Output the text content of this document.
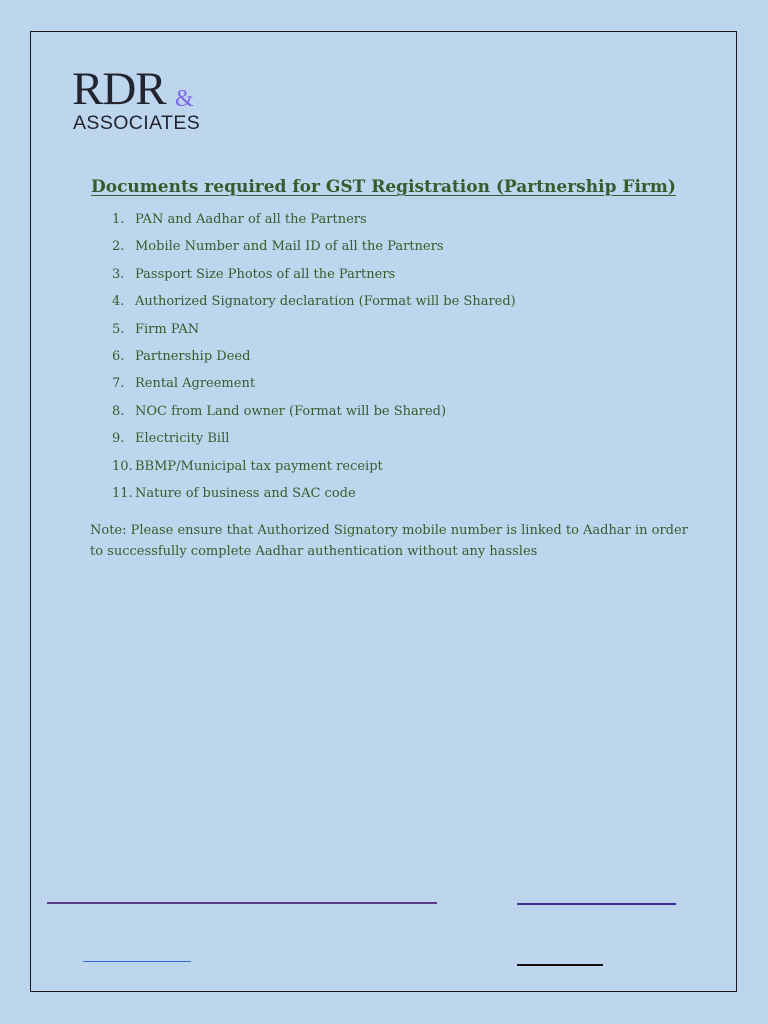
RDR &
ASSOCIATES
Documents required for GST Registration (Partnership Firm)
1. PAN and Aadhar of all the Partners
2. Mobile Number and Mail ID of all the Partners
3. Passport Size Photos of all the Partners
4. Authorized Signatory declaration (Format will be Shared)
5. Firm PAN
6. Partnership Deed
7. Rental Agreement
8. NOC from Land owner (Format will be Shared)
9. Electricity Bill
10. BBMP/Municipal tax payment receipt
11. Nature of business and SAC code

Note: Please ensure that Authorized Signatory mobile number is linked to Aadhar in order to successfully complete Aadhar authentication without any hassles
